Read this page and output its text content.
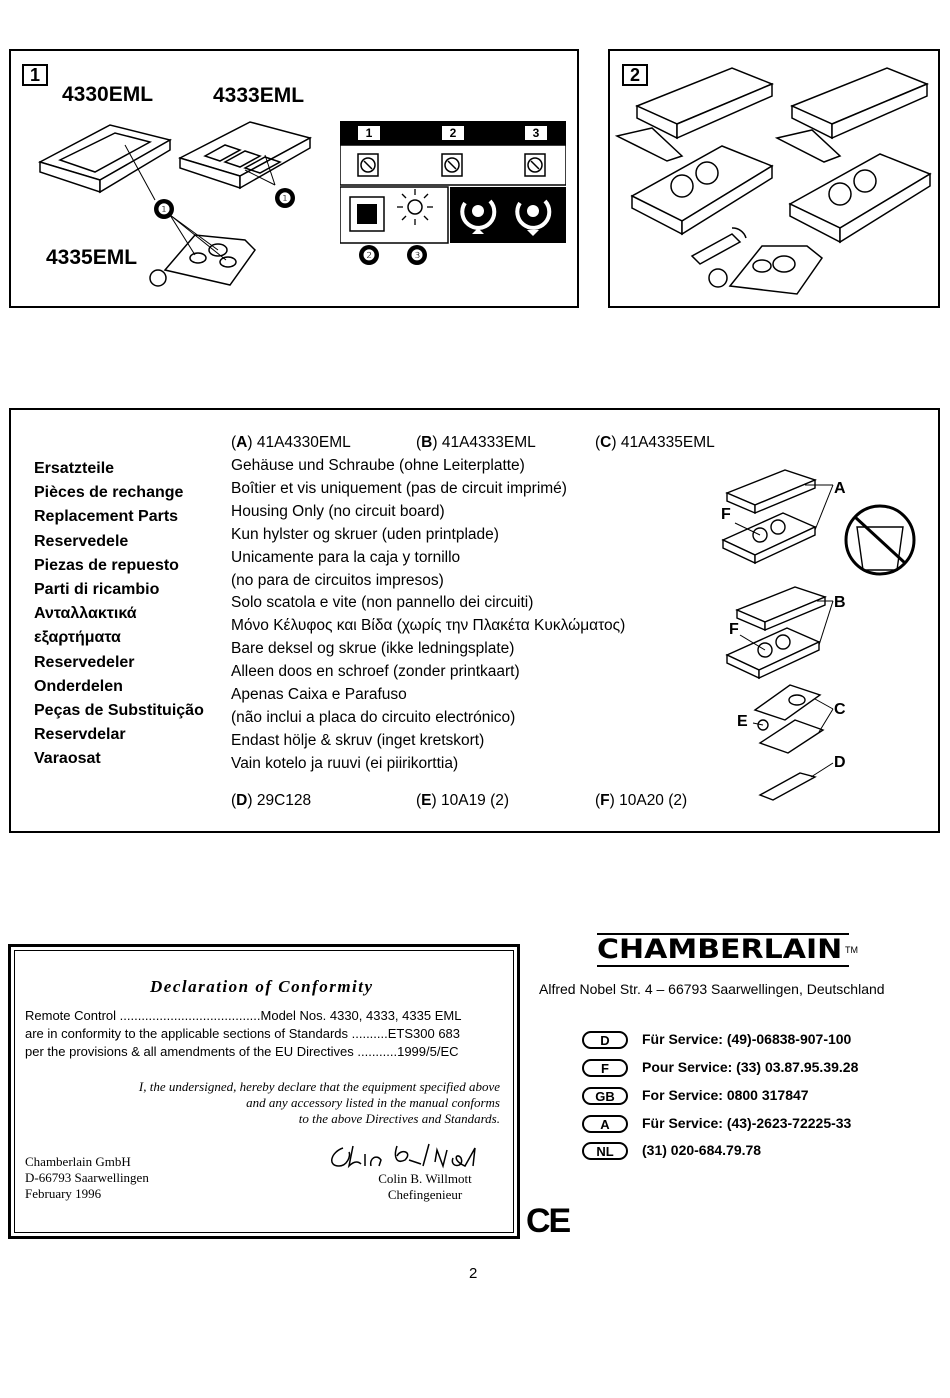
1
4330EML	4333EML
4335EML
❶
❶
1	2	3
❷	❸
2
(A) 41A4330EML	(B) 41A4333EML	(C) 41A4335EML
Ersatzteile
Pièces de rechange
Replacement Parts
Reservedele
Piezas de repuesto
Parti di ricambio
Ανταλλακτικά
εξαρτήματα
Reservedeler
Onderdelen
Peças de Substituição
Reservdelar
Varaosat
Gehäuse und Schraube (ohne Leiterplatte)
Boîtier et vis uniquement (pas de circuit imprimé)
Housing Only (no circuit board)
Kun hylster og skruer (uden printplade)
Unicamente para la caja y tornillo
(no para de circuitos impresos)
Solo scatola e vite (non pannello dei circuiti)
Μόνο Κέλυφος και Βίδα (χωρίς την Πλακέτα Κυκλώματος)
Bare deksel og skrue (ikke ledningsplate)
Alleen doos en schroef (zonder printkaart)
Apenas Caixa e Parafuso
(não inclui a placa do circuito electrónico)
Endast höljе & skruv (inget kretskort)
Vain kotelo ja ruuvi (ei piirikorttia)
(D) 29C128	(E) 10A19 (2)	(F) 10A20 (2)
A
F
B
F
C
E
D
Declaration of Conformity
Remote Control .......................................Model Nos. 4330, 4333, 4335 EML
are in conformity to the applicable sections of Standards ..........ETS300 683
per the provisions & all amendments of the EU Directives ...........1999/5/EC
I, the undersigned, hereby declare that the equipment specified above
and any accessory listed in the manual conforms
to the above Directives and Standards.
Chamberlain GmbH
D-66793 Saarwellingen
February 1996
Colin B. Willmott
Chefingenieur
CHAMBERLAIN TM
Alfred Nobel Str. 4 – 66793 Saarwellingen, Deutschland
D	Für Service: (49)-06838-907-100
F	Pour Service: (33) 03.87.95.39.28
GB	For Service: 0800 317847
A	Für Service: (43)-2623-72225-33
NL	(31) 020-684.79.78
CE
2
